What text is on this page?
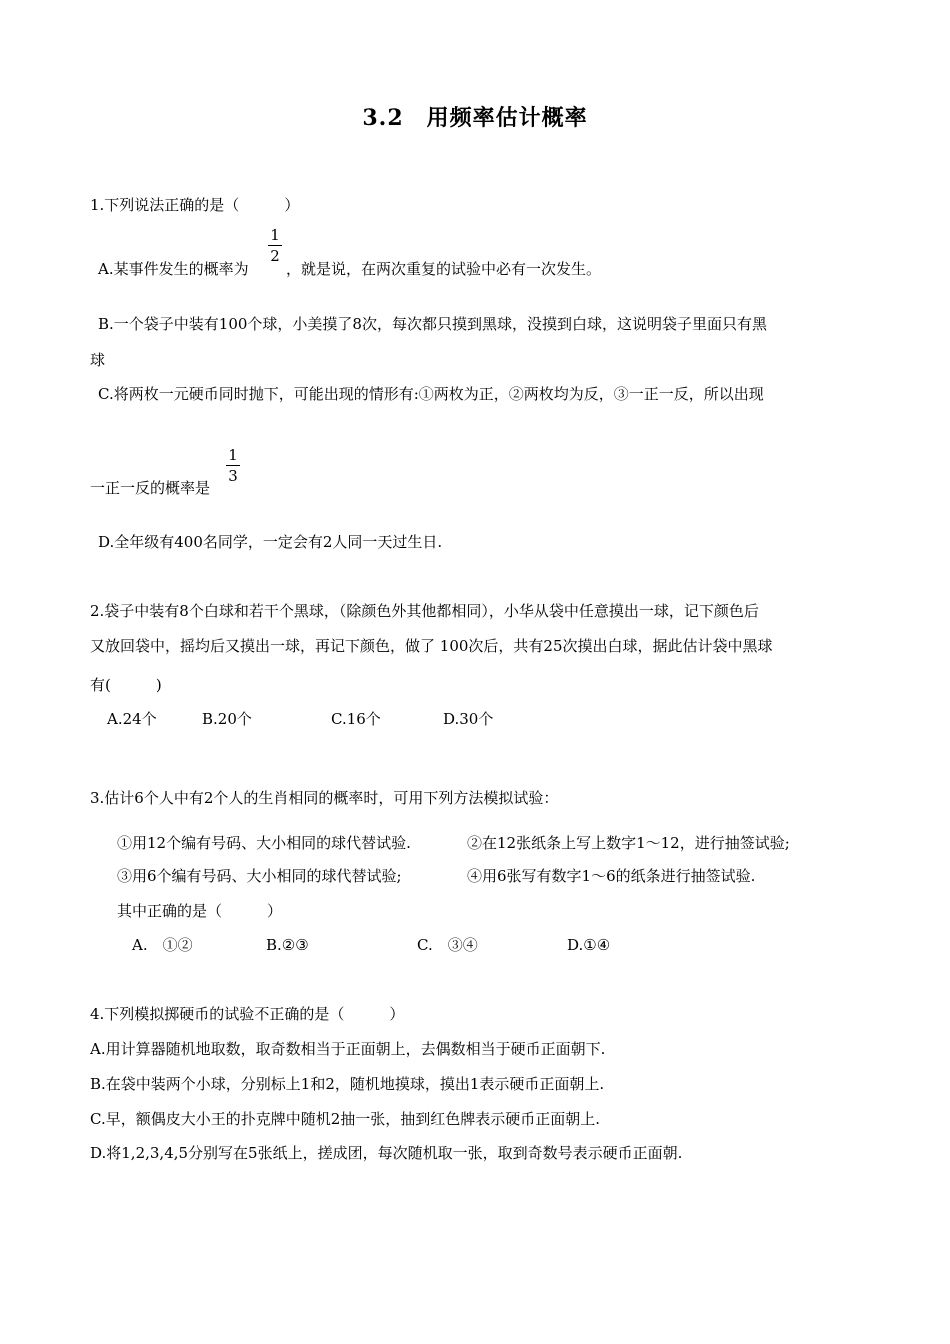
3.2　用频率估计概率
1.下列说法正确的是（　　　）
A.某事件发生的概率为
1
2
，就是说，在两次重复的试验中必有一次发生。
B.一个袋子中装有100个球，小美摸了8次，每次都只摸到黑球，没摸到白球，这说明袋子里面只有黑
球
C.将两枚一元硬币同时抛下，可能出现的情形有:①两枚为正，②两枚均为反，③一正一反，所以出现
一正一反的概率是
1
3
D.全年级有400名同学，一定会有2人同一天过生日.
2.袋子中装有8个白球和若干个黑球，（除颜色外其他都相同），小华从袋中任意摸出一球，记下颜色后
又放回袋中，摇均后又摸出一球，再记下颜色，做了 100次后，共有25次摸出白球，据此估计袋中黑球
有(　　　)
A.24个	B.20个	C.16个	D.30个
3.估计6个人中有2个人的生肖相同的概率时，可用下列方法模拟试验：
①用12个编有号码、大小相同的球代替试验.	②在12张纸条上写上数字1～12，进行抽签试验;
③用6个编有号码、大小相同的球代替试验;	④用6张写有数字1～6的纸条进行抽签试验.
其中正确的是（　　　）
A.　①②	B.②③	C.　③④	D.①④
4.下列模拟掷硬币的试验不正确的是（　　　）
A.用计算器随机地取数，取奇数相当于正面朝上，去偶数相当于硬币正面朝下.
B.在袋中装两个小球，分别标上1和2，随机地摸球，摸出1表示硬币正面朝上.
C.早，额偶皮大小王的扑克牌中随机2抽一张，抽到红色牌表示硬币正面朝上.
D.将1,2,3,4,5分别写在5张纸上，搓成团，每次随机取一张，取到奇数号表示硬币正面朝.
